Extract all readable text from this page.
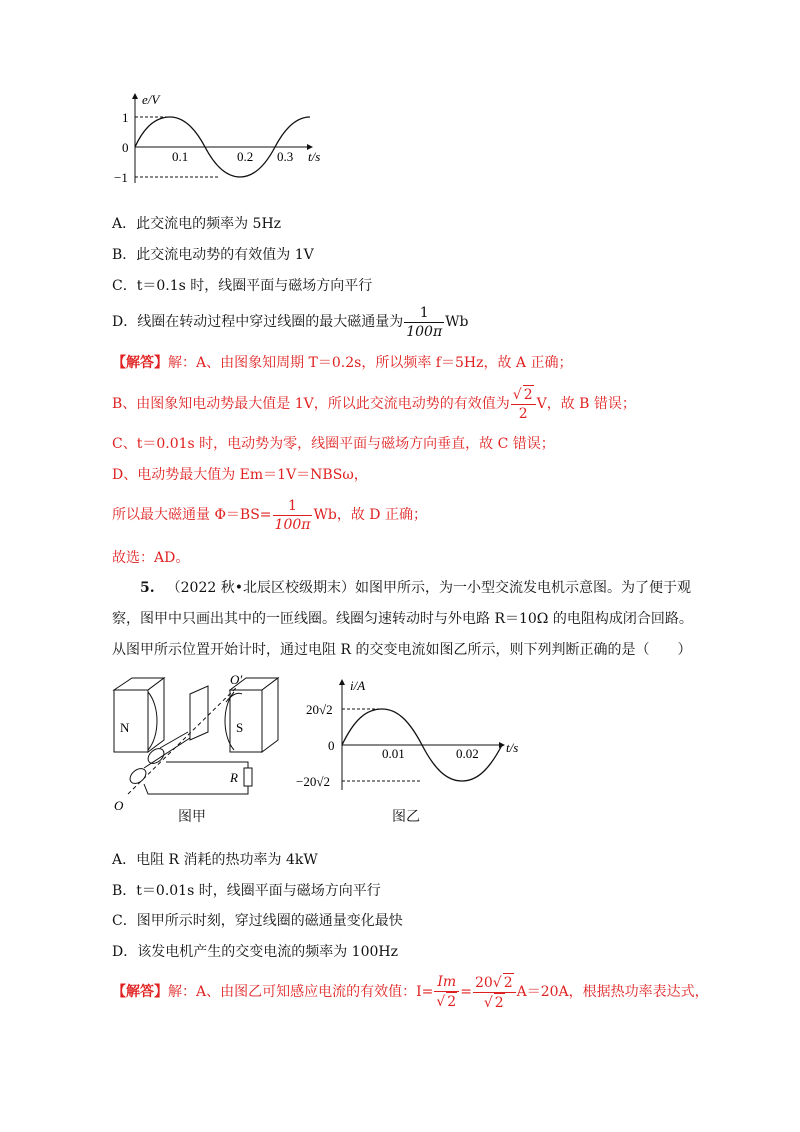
e/V
1
0
−1
0.1	0.2 0.3 t/s
A．此交流电的频率为 5Hz
B．此交流电动势的有效值为 1V
C．t＝0.1s 时，线圈平面与磁场方向平行
D．线圈在转动过程中穿过线圈的最大磁通量为 $\frac{1}{100\pi}$ Wb
【解答】解：A、由图象知周期 T＝0.2s，所以频率 f＝5Hz，故 A 正确；
B、由图象知电动势最大值是 1V，所以此交流电动势的有效值为 $\frac{√ 2}{2}$ V，故 B 错误；
C、t＝0.01s 时，电动势为零，线圈平面与磁场方向垂直，故 C 错误；
D、电动势最大值为 Em＝1V＝NBSω，
所以最大磁通量 $\Phi=BS= \frac{1}{100\pi}$ Wb，故 D 正确；
故选：AD。
5. （2022 秋•北辰区校级期末）如图甲所示，为一小型交流发电机示意图。为了便于观
察，图甲中只画出其中的一匝线圈。线圈匀速转动时与外电路 R＝10Ω 的电阻构成闭合回路。
从图甲所示位置开始计时，通过电阻 R 的交变电流如图乙所示，则下列判断正确的是（　　）
N	S
R
O
O′
图甲
i/A
20√2
0
−20√2
0.01	0.02 t/s
图乙
A．电阻 R 消耗的热功率为 4kW
B．t＝0.01s 时，线圈平面与磁场方向平行
C．图甲所示时刻，穿过线圈的磁通量变化最快
D．该发电机产生的交变电流的频率为 100Hz
【解答】解：A、由图乙可知感应电流的有效值：$I= \frac{Im}{√ 2} = \frac{20√ 2}{√ 2} A=20A$，根据热功率表达式，
